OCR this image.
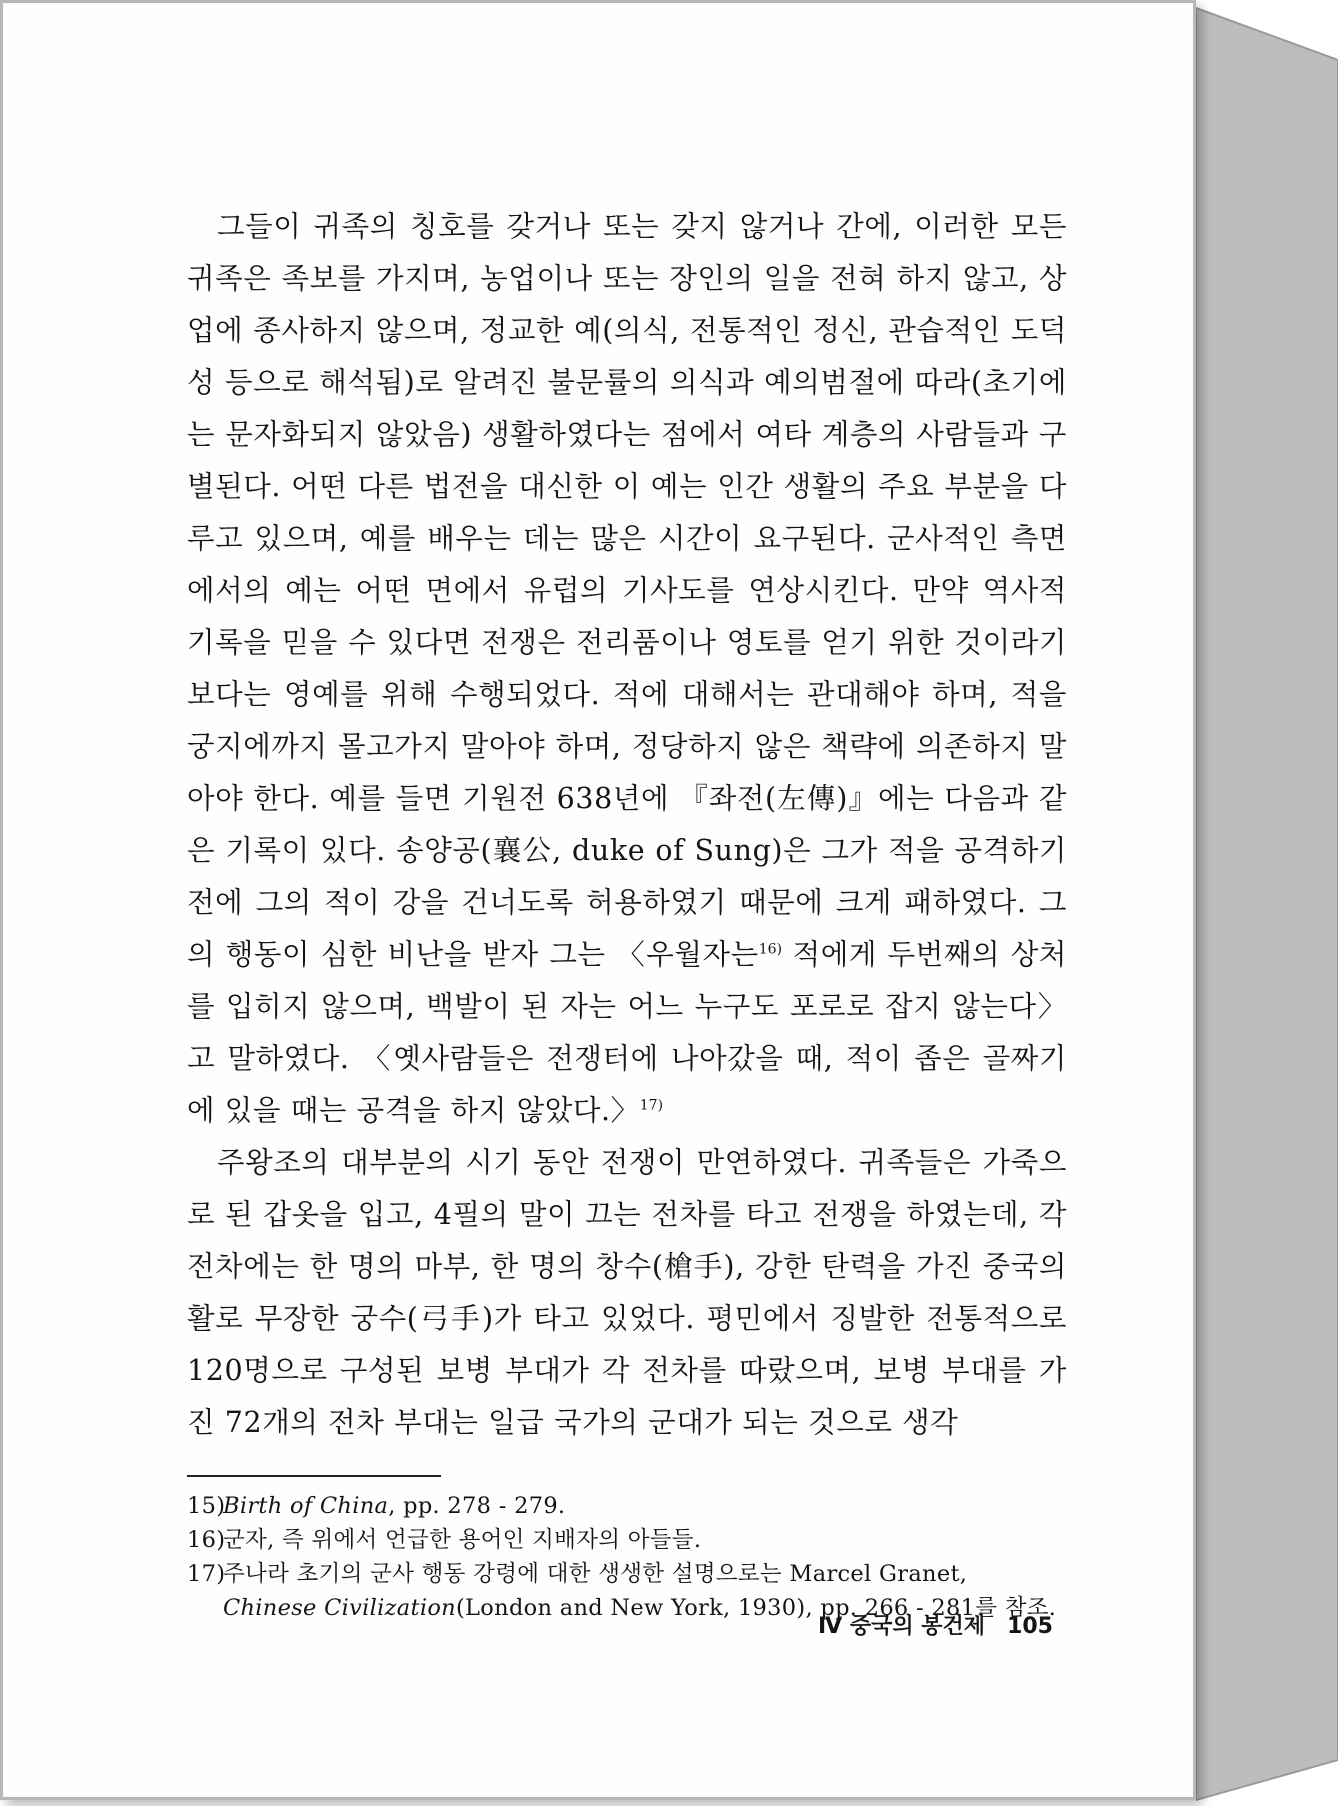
그들이 귀족의 칭호를 갖거나 또는 갖지 않거나 간에, 이러한 모든 귀족은 족보를 가지며, 농업이나 또는 장인의 일을 전혀 하지 않고, 상업에 종사하지 않으며, 정교한 예(의식, 전통적인 정신, 관습적인 도덕성 등으로 해석됨)로 알려진 불문률의 의식과 예의범절에 따라(초기에는 문자화되지 않았음) 생활하였다는 점에서 여타 계층의 사람들과 구별된다. 어떤 다른 법전을 대신한 이 예는 인간 생활의 주요 부분을 다루고 있으며, 예를 배우는 데는 많은 시간이 요구된다. 군사적인 측면에서의 예는 어떤 면에서 유럽의 기사도를 연상시킨다. 만약 역사적 기록을 믿을 수 있다면 전쟁은 전리품이나 영토를 얻기 위한 것이라기보다는 영예를 위해 수행되었다. 적에 대해서는 관대해야 하며, 적을 궁지에까지 몰고가지 말아야 하며, 정당하지 않은 책략에 의존하지 말아야 한다. 예를 들면 기원전 638년에 『좌전(左傳)』에는 다음과 같은 기록이 있다. 송양공(襄公, duke of Sung)은 그가 적을 공격하기 전에 그의 적이 강을 건너도록 허용하였기 때문에 크게 패하였다. 그의 행동이 심한 비난을 받자 그는 〈우월자는$^{16)}$ 적에게 두번째의 상처를 입히지 않으며, 백발이 된 자는 어느 누구도 포로로 잡지 않는다〉고 말하였다. 〈옛사람들은 전쟁터에 나아갔을 때, 적이 좁은 골짜기에 있을 때는 공격을 하지 않았다.〉$^{17)}$

주왕조의 대부분의 시기 동안 전쟁이 만연하였다. 귀족들은 가죽으로 된 갑옷을 입고, 4필의 말이 끄는 전차를 타고 전쟁을 하였는데, 각 전차에는 한 명의 마부, 한 명의 창수(槍手), 강한 탄력을 가진 중국의 활로 무장한 궁수(弓手)가 타고 있었다. 평민에서 징발한 전통적으로 120명으로 구성된 보병 부대가 각 전차를 따랐으며, 보병 부대를 가진 72개의 전차 부대는 일급 국가의 군대가 되는 것으로 생각

15)Birth of China, pp. 278 - 279.

16)군자, 즉 위에서 언급한 용어인 지배자의 아들들.

17)주나라 초기의 군사 행동 강령에 대한 생생한 설명으로는 Marcel Granet, Chinese Civilization(London and New York, 1930), pp. 266 - 281를 참조.

Ⅳ 중국의 봉건제 105
